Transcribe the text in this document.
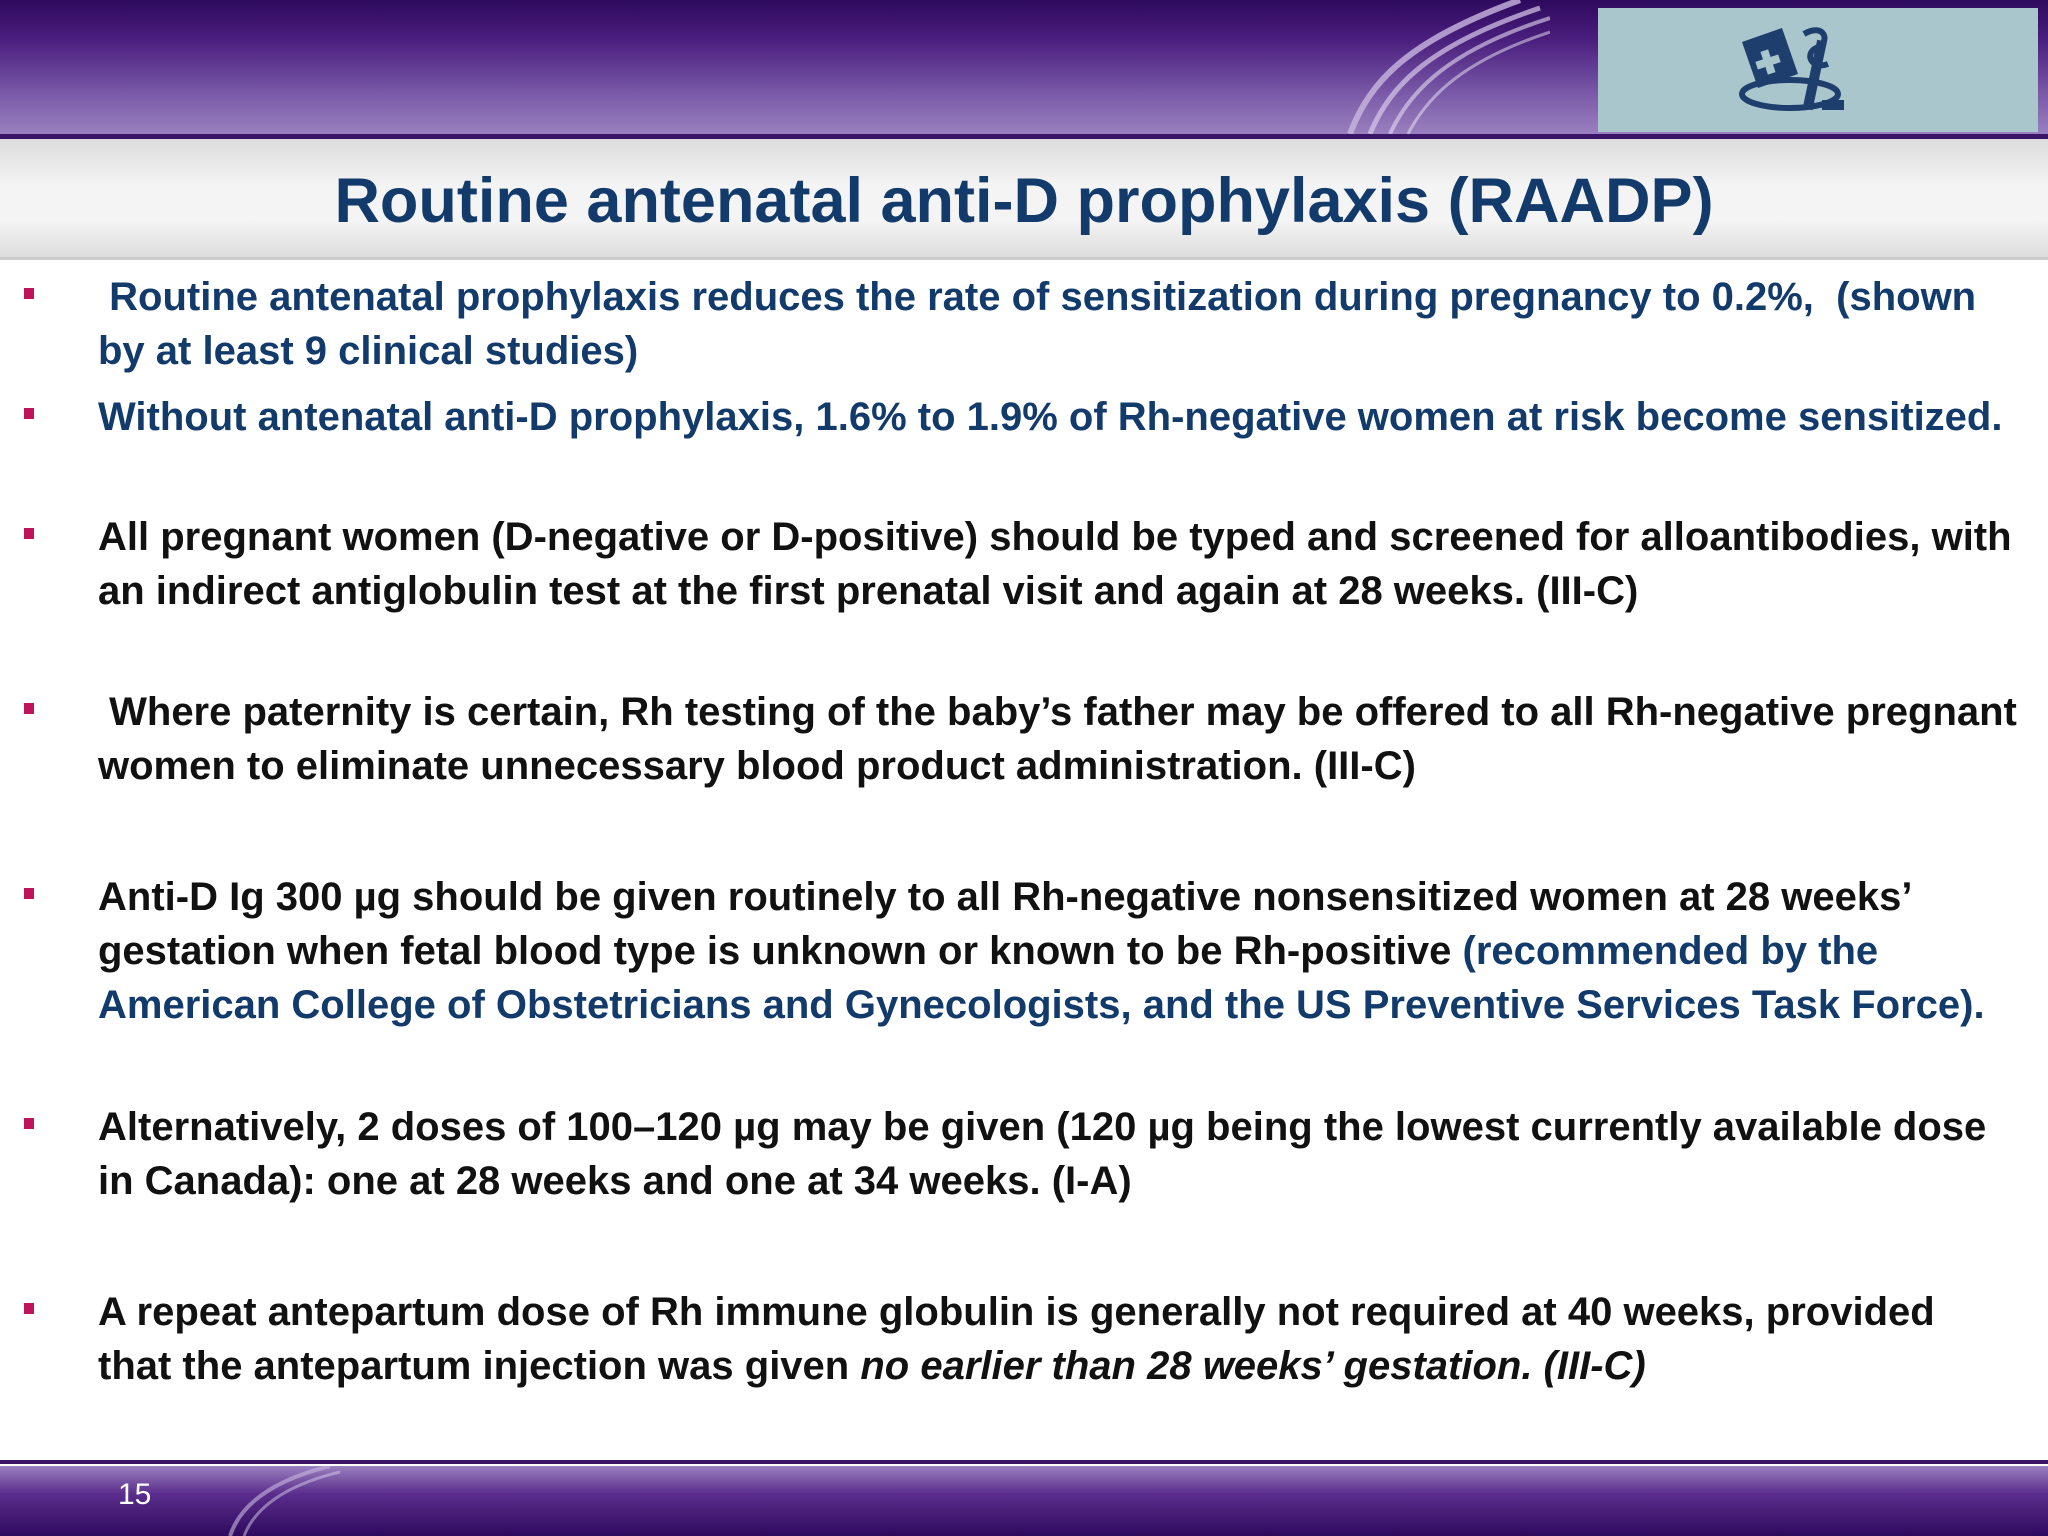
Routine antenatal anti-D prophylaxis (RAADP)
Routine antenatal prophylaxis reduces the rate of sensitization during pregnancy to 0.2%,  (shown by at least 9 clinical studies)
Without antenatal anti-D prophylaxis, 1.6% to 1.9% of Rh-negative women at risk become sensitized.
All pregnant women (D-negative or D-positive) should be typed and screened for alloantibodies, with an indirect antiglobulin test at the first prenatal visit and again at 28 weeks. (III-C)
Where paternity is certain, Rh testing of the baby’s father may be offered to all Rh-negative pregnant women to eliminate unnecessary blood product administration. (III-C)
Anti-D Ig 300 µg should be given routinely to all Rh-negative nonsensitized women at 28 weeks’ gestation when fetal blood type is unknown or known to be Rh-positive (recommended by the American College of Obstetricians and Gynecologists, and the US Preventive Services Task Force).
Alternatively, 2 doses of 100–120 µg may be given (120 µg being the lowest currently available dose in Canada): one at 28 weeks and one at 34 weeks. (I-A)
A repeat antepartum dose of Rh immune globulin is generally not required at 40 weeks, provided that the antepartum injection was given no earlier than 28 weeks’ gestation. (III-C)
15
